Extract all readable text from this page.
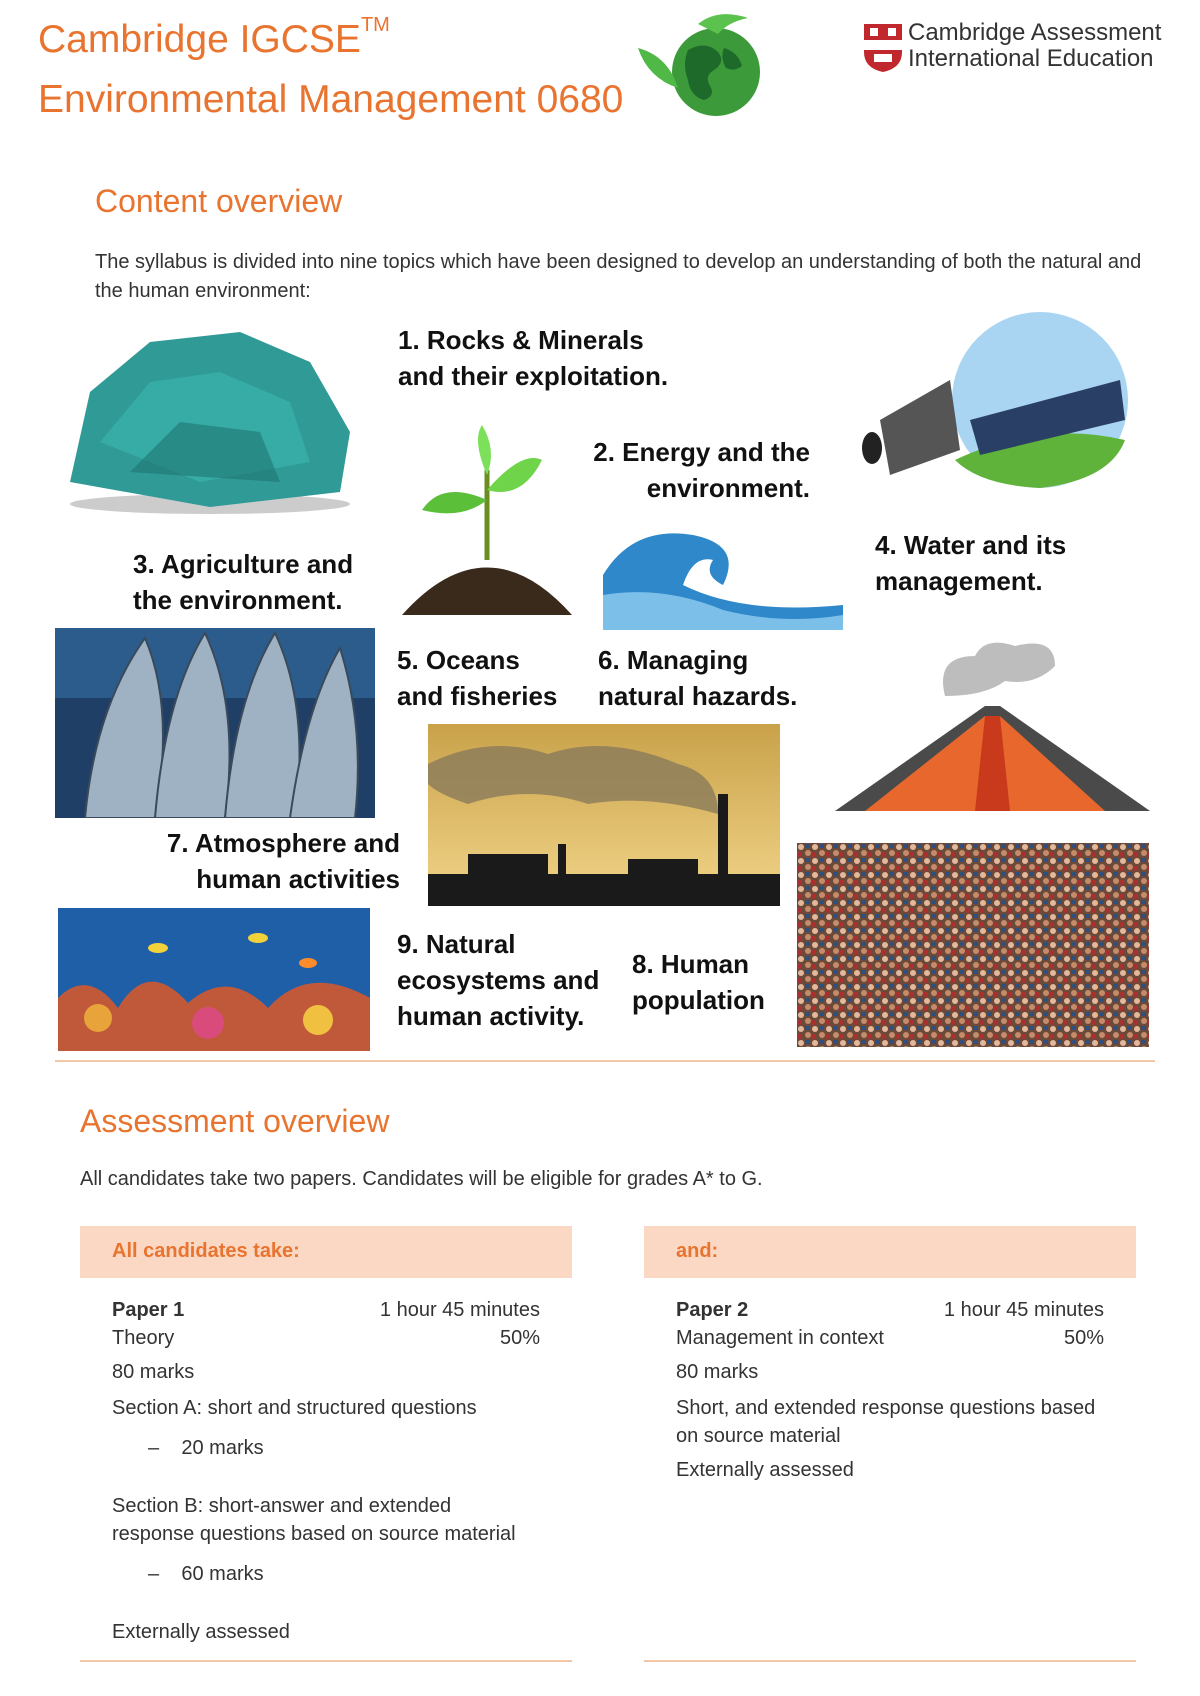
Cambridge IGCSE™
Environmental Management 0680
Cambridge Assessment
International Education
Content overview
The syllabus is divided into nine topics which have been designed to develop an understanding of both the natural and the human environment:
1. Rocks & Minerals
and their exploitation.
2. Energy and the
environment.
3. Agriculture and
the environment.
4. Water and its
management.
5. Oceans
and fisheries
6. Managing
natural hazards.
7. Atmosphere and
human activities
8. Human
population
9. Natural
ecosystems and
human activity.
Assessment overview
All candidates take two papers. Candidates will be eligible for grades A* to G.
All candidates take:
Paper 1	1 hour 45 minutes
Theory	50%
80 marks
Section A: short and structured questions
– 20 marks
Section B: short-answer and extended
response questions based on source material
– 60 marks
Externally assessed
and:
Paper 2	1 hour 45 minutes
Management in context	50%
80 marks
Short, and extended response questions based
on source material
Externally assessed
